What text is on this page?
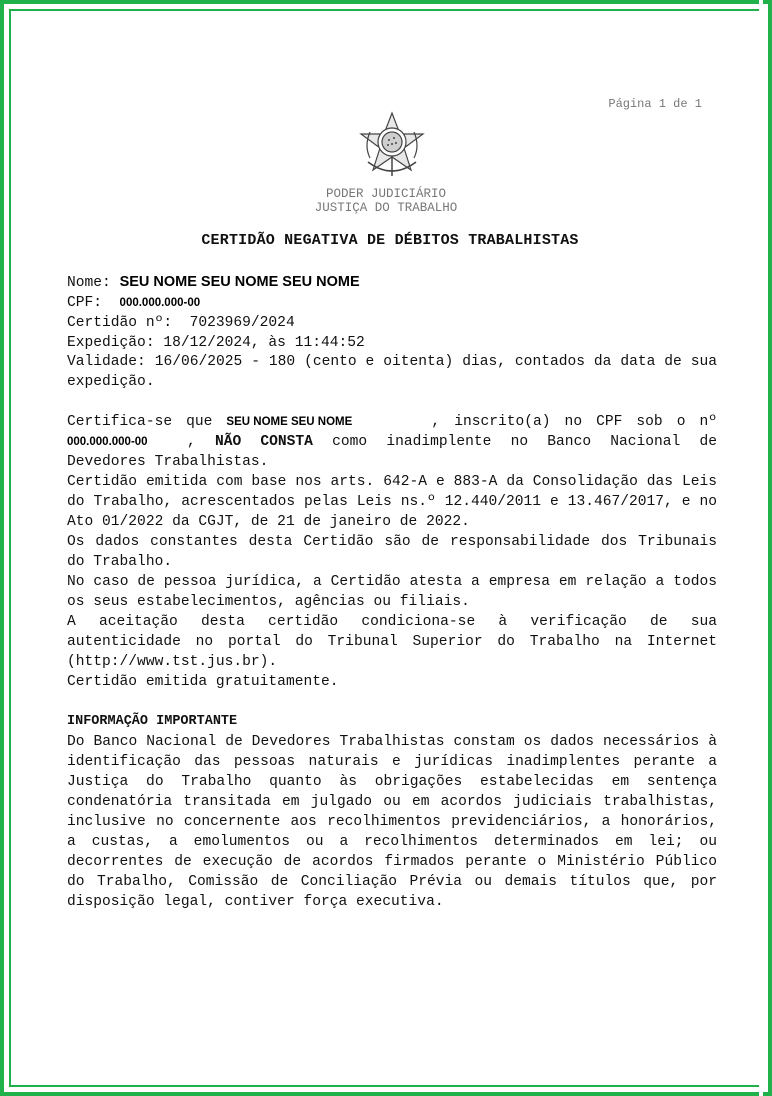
Página 1 de 1
PODER JUDICIÁRIO
JUSTIÇA DO TRABALHO
CERTIDÃO NEGATIVA DE DÉBITOS TRABALHISTAS
Nome: SEU NOME SEU NOME SEU NOME
CPF: 000.000.000-00
Certidão nº:  7023969/2024
Expedição: 18/12/2024, às 11:44:52
Validade: 16/06/2025 - 180 (cento e oitenta) dias, contados da data de sua expedição.
Certifica-se que SEU NOME SEU NOME	, inscrito(a) no CPF sob o nº 000.000.000-00	, NÃO CONSTA como inadimplente no Banco Nacional de Devedores Trabalhistas.
Certidão emitida com base nos arts. 642-A e 883-A da Consolidação das Leis do Trabalho, acrescentados pelas Leis ns.º 12.440/2011 e 13.467/2017, e no Ato 01/2022 da CGJT, de 21 de janeiro de 2022.
Os dados constantes desta Certidão são de responsabilidade dos Tribunais do Trabalho.
No caso de pessoa jurídica, a Certidão atesta a empresa em relação a todos os seus estabelecimentos, agências ou filiais.
A aceitação desta certidão condiciona-se à verificação de sua autenticidade no portal do Tribunal Superior do Trabalho na Internet (http://www.tst.jus.br).
Certidão emitida gratuitamente.
INFORMAÇÃO IMPORTANTE
Do Banco Nacional de Devedores Trabalhistas constam os dados necessários à identificação das pessoas naturais e jurídicas inadimplentes perante a Justiça do Trabalho quanto às obrigações estabelecidas em sentença condenatória transitada em julgado ou em acordos judiciais trabalhistas, inclusive no concernente aos recolhimentos previdenciários, a honorários, a custas, a emolumentos ou a recolhimentos determinados em lei; ou decorrentes de execução de acordos firmados perante o Ministério Público do Trabalho, Comissão de Conciliação Prévia ou demais títulos que, por disposição legal, contiver força executiva.
